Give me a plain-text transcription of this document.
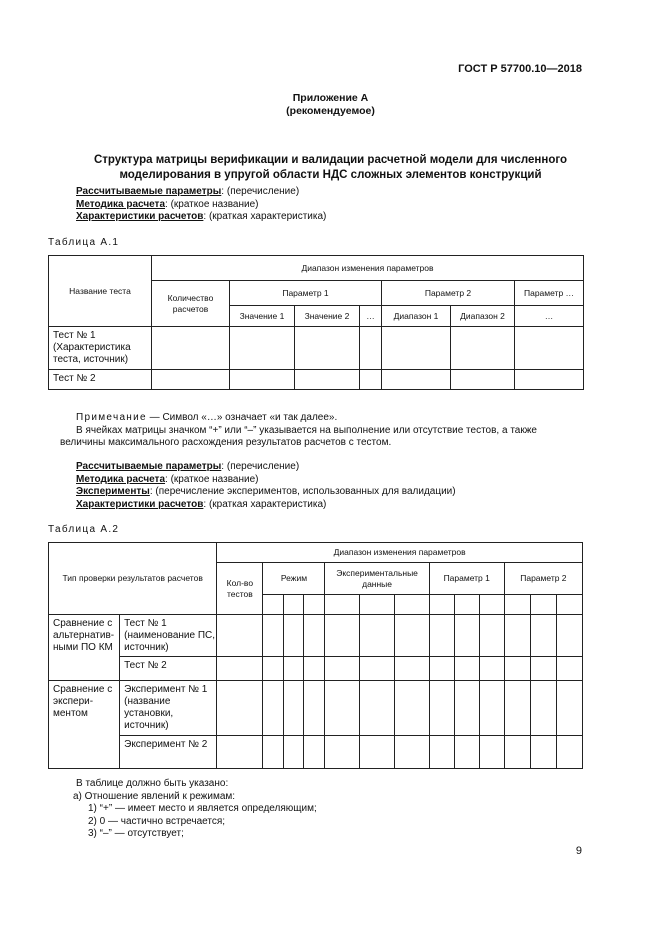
ГОСТ Р 57700.10—2018
Приложение А
(рекомендуемое)
Структура матрицы верификации и валидации расчетной модели для численного моделирования в упругой области НДС сложных элементов конструкций
Рассчитываемые параметры: (перечисление)
Методика расчета: (краткое название)
Характеристики расчетов: (краткая характеристика)
Таблица А.1
Название теста	Диапазон изменения параметров						
	Количество расчетов	Параметр 1			Параметр 2		Параметр …
		Значение 1	Значение 2	…	Диапазон 1	Диапазон 2	…
Тест № 1 (Характеристика теста, источник)							
Тест № 2							
Примечание — Символ «…» означает «и так далее».
В ячейках матрицы значком “+” или “–” указывается на выполнение или отсутствие тестов, а также величины максимального расхождения результатов расчетов с тестом.
Рассчитываемые параметры: (перечисление)
Методика расчета: (краткое название)
Эксперименты: (перечисление экспериментов, использованных для валидации)
Характеристики расчетов: (краткая характеристика)
Таблица А.2
Тип проверки результатов расчетов		Диапазон изменения параметров												
		Кол-во тестов	Режим			Экспериментальные данные			Параметр 1			Параметр 2		

Сравнение с альтернатив-ными ПО КМ	Тест № 1 (наименование ПС, источник)													
	Тест № 2													
Сравнение с экспери-ментом	Эксперимент № 1 (название установки, источник)													
	Эксперимент № 2													
В таблице должно быть указано:
а) Отношение явлений к режимам:
1) “+” — имеет место и является определяющим;
2) 0 — частично встречается;
3) “–” — отсутствует;
9
